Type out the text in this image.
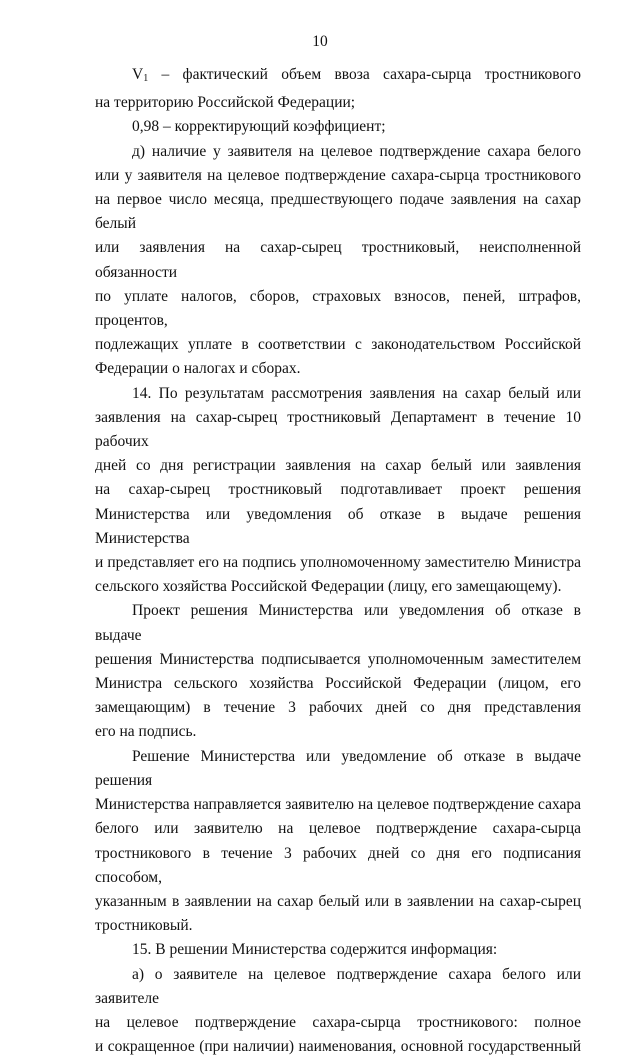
10
$V_1$ – фактический объем ввоза сахара-сырца тростникового
на территорию Российской Федерации;
0,98 – корректирующий коэффициент;
д) наличие у заявителя на целевое подтверждение сахара белого
или у заявителя на целевое подтверждение сахара-сырца тростникового
на первое число месяца, предшествующего подаче заявления на сахар белый
или заявления на сахар-сырец тростниковый, неисполненной обязанности
по уплате налогов, сборов, страховых взносов, пеней, штрафов, процентов,
подлежащих уплате в соответствии с законодательством Российской
Федерации о налогах и сборах.
14. По результатам рассмотрения заявления на сахар белый или
заявления на сахар-сырец тростниковый Департамент в течение 10 рабочих
дней со дня регистрации заявления на сахар белый или заявления
на сахар-сырец тростниковый подготавливает проект решения
Министерства или уведомления об отказе в выдаче решения Министерства
и представляет его на подпись уполномоченному заместителю Министра
сельского хозяйства Российской Федерации (лицу, его замещающему).
Проект решения Министерства или уведомления об отказе в выдаче
решения Министерства подписывается уполномоченным заместителем
Министра сельского хозяйства Российской Федерации (лицом, его
замещающим) в течение 3 рабочих дней со дня представления
его на подпись.
Решение Министерства или уведомление об отказе в выдаче решения
Министерства направляется заявителю на целевое подтверждение сахара
белого или заявителю на целевое подтверждение сахара-сырца
тростникового в течение 3 рабочих дней со дня его подписания способом,
указанным в заявлении на сахар белый или в заявлении на сахар-сырец
тростниковый.
15. В решении Министерства содержится информация:
а) о заявителе на целевое подтверждение сахара белого или заявителе
на целевое подтверждение сахара-сырца тростникового: полное
и сокращенное (при наличии) наименования, основной государственный
